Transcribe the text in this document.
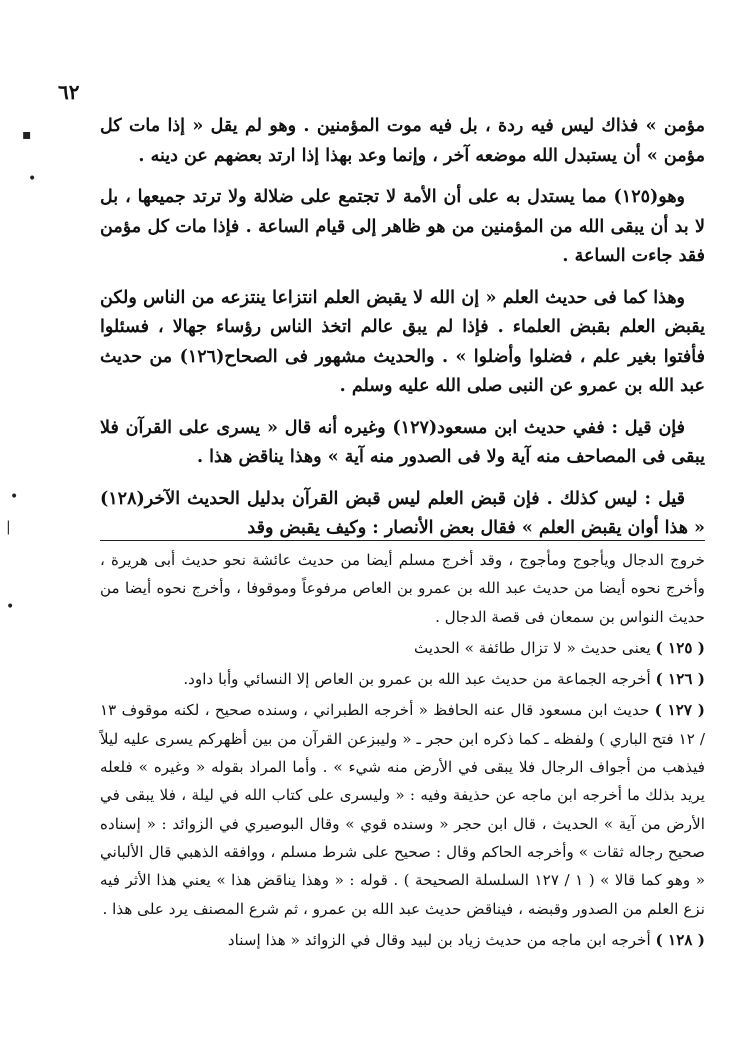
٦٢

مؤمن » فذاك ليس فيه ردة ، بل فيه موت المؤمنين . وهو لم يقل « إذا مات كل مؤمن » أن يستبدل الله موضعه آخر ، وإنما وعد بهذا إذا ارتد بعضهم عن دينه .

وهو(١٢٥) مما يستدل به على أن الأمة لا تجتمع على ضلالة ولا ترتد جميعها ، بل لا بد أن يبقى الله من المؤمنين من هو ظاهر إلى قيام الساعة . فإذا مات كل مؤمن فقد جاءت الساعة .

وهذا كما فى حديث العلم « إن الله لا يقبض العلم انتزاعا ينتزعه من الناس ولكن يقبض العلم بقبض العلماء . فإذا لم يبق عالم اتخذ الناس رؤساء جهالا ، فسئلوا فأفتوا بغير علم ، فضلوا وأضلوا » . والحديث مشهور فى الصحاح(١٢٦) من حديث عبد الله بن عمرو عن النبى صلى الله عليه وسلم .

فإن قيل : ففي حديث ابن مسعود(١٢٧) وغيره أنه قال « يسرى على القرآن فلا يبقى فى المصاحف منه آية ولا فى الصدور منه آية » وهذا يناقض هذا .

قيل : ليس كذلك . فإن قبض العلم ليس قبض القرآن بدليل الحديث الآخر(١٢٨) « هذا أوان يقبض العلم » فقال بعض الأنصار : وكيف يقبض وقد

خروج الدجال ويأجوج ومأجوج ، وقد أخرج مسلم أيضا من حديث عائشة نحو حديث أبى هريرة ، وأخرج نحوه أيضا من حديث عبد الله بن عمرو بن العاص مرفوعاً وموقوفا ، وأخرج نحوه أيضا من حديث النواس بن سمعان فى قصة الدجال .

( ١٢٥ ) يعنى حديث « لا تزال طائفة » الحديث

( ١٢٦ ) أخرجه الجماعة من حديث عبد الله بن عمرو بن العاص إلا النسائي وأبا داود.

( ١٢٧ ) حديث ابن مسعود قال عنه الحافظ « أخرجه الطبراني ، وسنده صحيح ، لكنه موقوف ١٣ / ١٢ فتح الباري ) ولفظه ـ كما ذكره ابن حجر ـ « وليبزعن القرآن من بين أظهركم يسرى عليه ليلاً فيذهب من أجواف الرجال فلا يبقى في الأرض منه شيء » . وأما المراد بقوله « وغيره » فلعله يريد بذلك ما أخرجه ابن ماجه عن حذيفة وفيه : « وليسرى على كتاب الله في ليلة ، فلا يبقى في الأرض من آية » الحديث ، قال ابن حجر « وسنده قوي » وقال البوصيري في الزوائد : « إسناده صحيح رجاله ثقات » وأخرجه الحاكم وقال : صحيح على شرط مسلم ، ووافقه الذهبي قال الألباني « وهو كما قالا » ( ١ / ١٢٧ السلسلة الصحيحة ) . قوله : « وهذا يناقض هذا » يعني هذا الأثر فيه نزع العلم من الصدور وقبضه ، فيناقض حديث عبد الله بن عمرو ، ثم شرع المصنف يرد على هذا .

( ١٢٨ ) أخرجه ابن ماجه من حديث زياد بن لبيد وقال في الزوائد « هذا إسناد

▪
•
•
|
•
